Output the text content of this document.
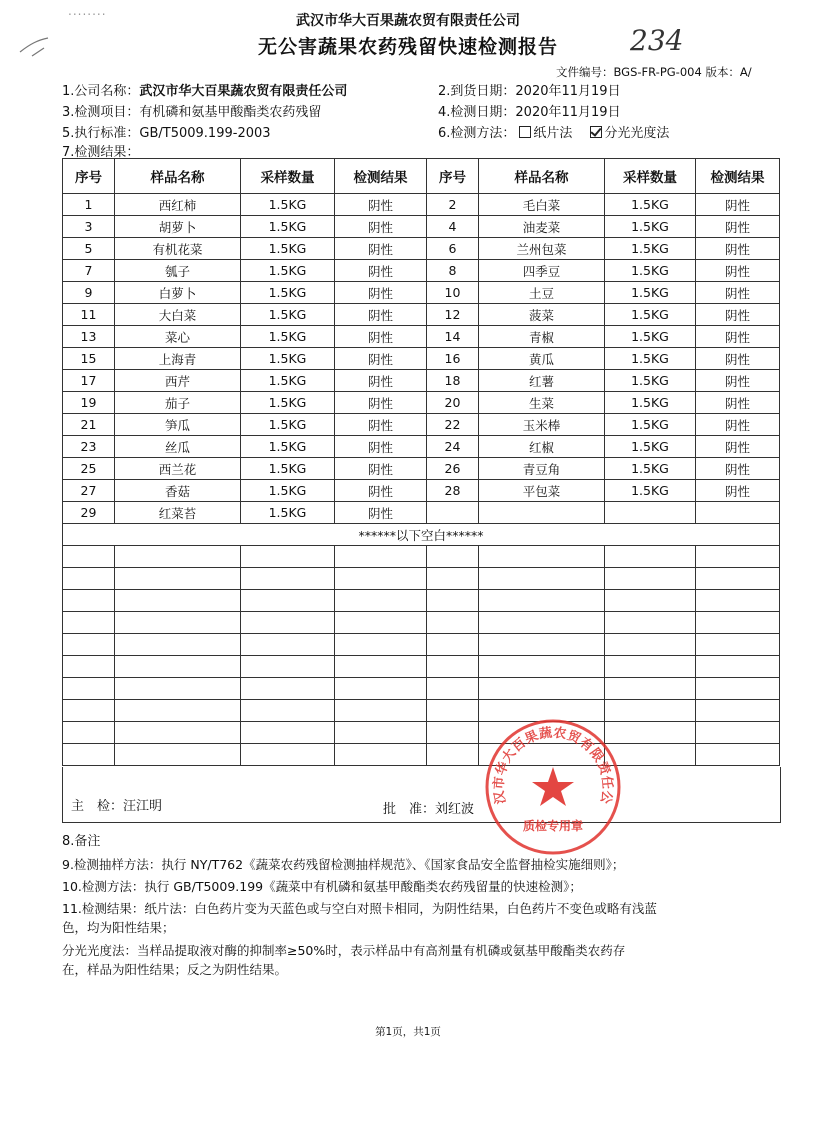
........
武汉市华大百果蔬农贸有限责任公司
无公害蔬果农药残留快速检测报告	234
文件编号：BGS-FR-PG-004 版本：A/
1.公司名称：武汉市华大百果蔬农贸有限责任公司	2.到货日期：2020年11月19日
3.检测项目：有机磷和氨基甲酸酯类农药残留	4.检测日期：2020年11月19日
5.执行标准：GB/T5009.199-2003	6.检测方法： 纸片法 分光光度法
7.检测结果：
序号	样品名称	采样数量	检测结果	序号	样品名称	采样数量	检测结果
1	西红柿	1.5KG	阴性	2	毛白菜	1.5KG	阴性
3	胡萝卜	1.5KG	阴性	4	油麦菜	1.5KG	阴性
5	有机花菜	1.5KG	阴性	6	兰州包菜	1.5KG	阴性
7	瓠子	1.5KG	阴性	8	四季豆	1.5KG	阴性
9	白萝卜	1.5KG	阴性	10	土豆	1.5KG	阴性
11	大白菜	1.5KG	阴性	12	菠菜	1.5KG	阴性
13	菜心	1.5KG	阴性	14	青椒	1.5KG	阴性
15	上海青	1.5KG	阴性	16	黄瓜	1.5KG	阴性
17	西芹	1.5KG	阴性	18	红薯	1.5KG	阴性
19	茄子	1.5KG	阴性	20	生菜	1.5KG	阴性
21	笋瓜	1.5KG	阴性	22	玉米棒	1.5KG	阴性
23	丝瓜	1.5KG	阴性	24	红椒	1.5KG	阴性
25	西兰花	1.5KG	阴性	26	青豆角	1.5KG	阴性
27	香菇	1.5KG	阴性	28	平包菜	1.5KG	阴性
29	红菜苔	1.5KG	阴性				
******以下空白******							

主　检：汪江明	批　准：刘红波
汉市华大百果蔬农贸有限责任公
质检专用章
8.备注
9.检测抽样方法：执行 NY/T762《蔬菜农药残留检测抽样规范》、《国家食品安全监督抽检实施细则》；
10.检测方法：执行 GB/T5009.199《蔬菜中有机磷和氨基甲酸酯类农药残留量的快速检测》；
11.检测结果：纸片法：白色药片变为天蓝色或与空白对照卡相同，为阴性结果，白色药片不变色或略有浅蓝
色，均为阳性结果；
分光光度法：当样品提取液对酶的抑制率≥50%时，表示样品中有高剂量有机磷或氨基甲酸酯类农药存
在，样品为阳性结果；反之为阴性结果。
第1页，共1页
